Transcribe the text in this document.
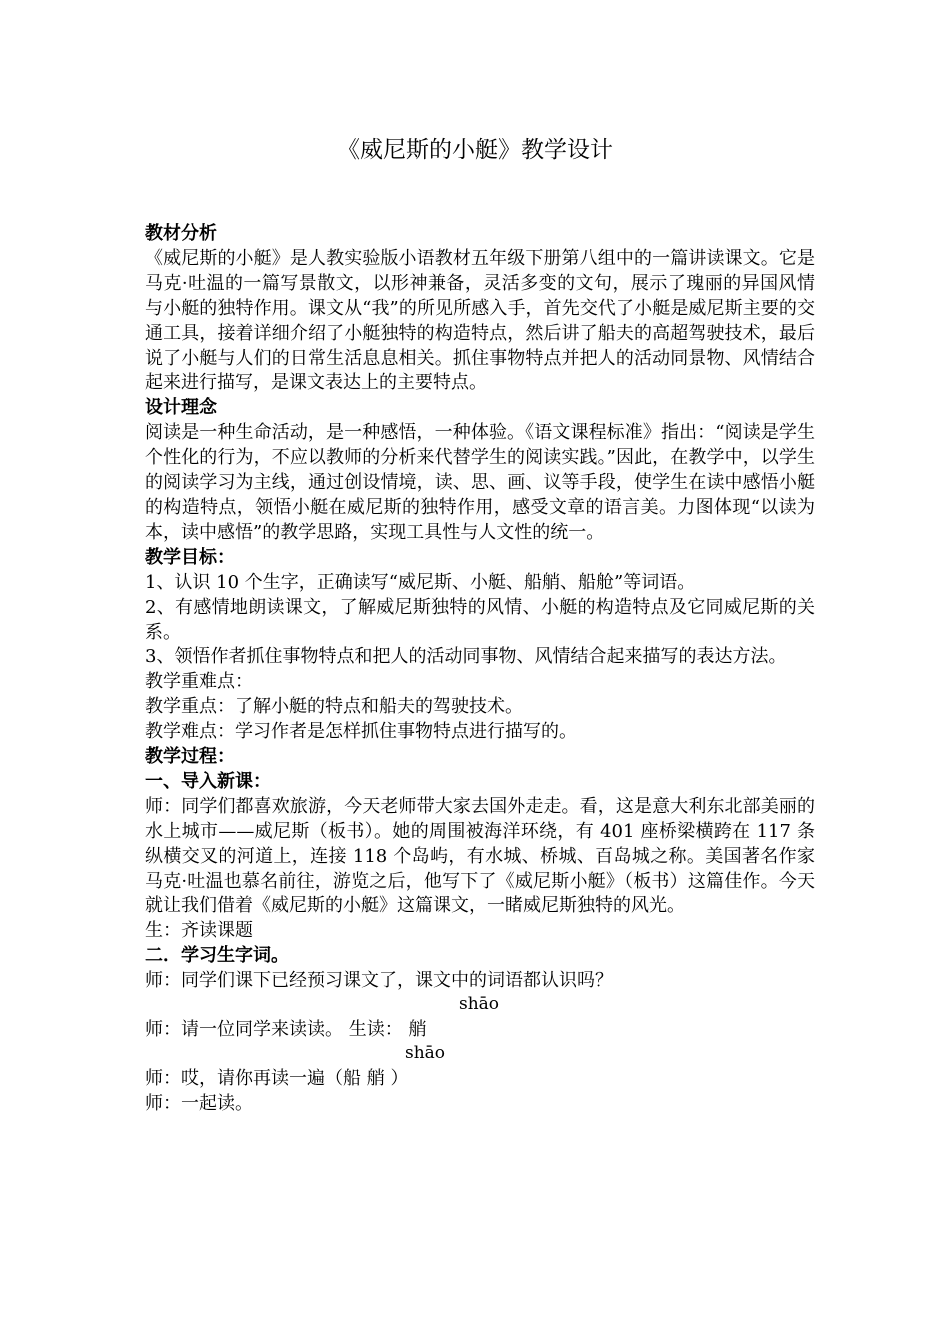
《威尼斯的小艇》教学设计

教材分析

《威尼斯的小艇》是人教实验版小语教材五年级下册第八组中的一篇讲读课文。它是马克·吐温的一篇写景散文，以形神兼备，灵活多变的文句，展示了瑰丽的异国风情与小艇的独特作用。课文从“我”的所见所感入手，首先交代了小艇是威尼斯主要的交通工具，接着详细介绍了小艇独特的构造特点，然后讲了船夫的高超驾驶技术，最后说了小艇与人们的日常生活息息相关。抓住事物特点并把人的活动同景物、风情结合起来进行描写，是课文表达上的主要特点。

设计理念

阅读是一种生命活动，是一种感悟，一种体验。《语文课程标准》指出：“阅读是学生个性化的行为，不应以教师的分析来代替学生的阅读实践。”因此，在教学中，以学生的阅读学习为主线，通过创设情境，读、思、画、议等手段，使学生在读中感悟小艇的构造特点，领悟小艇在威尼斯的独特作用，感受文章的语言美。力图体现“以读为本，读中感悟”的教学思路，实现工具性与人文性的统一。

教学目标：

1、认识 10 个生字，正确读写“威尼斯、小艇、船艄、船舱”等词语。

2、有感情地朗读课文，了解威尼斯独特的风情、小艇的构造特点及它同威尼斯的关系。

3、领悟作者抓住事物特点和把人的活动同事物、风情结合起来描写的表达方法。

教学重难点：

教学重点：了解小艇的特点和船夫的驾驶技术。

教学难点：学习作者是怎样抓住事物特点进行描写的。

教学过程：

一、导入新课：

师：同学们都喜欢旅游，今天老师带大家去国外走走。看，这是意大利东北部美丽的水上城市——威尼斯（板书）。她的周围被海洋环绕，有 401 座桥梁横跨在 117 条纵横交叉的河道上，连接 118 个岛屿，有水城、桥城、百岛城之称。美国著名作家马克·吐温也慕名前往，游览之后，他写下了《威尼斯小艇》（板书）这篇佳作。今天就让我们借着《威尼斯的小艇》这篇课文，一睹威尼斯独特的风光。

生：齐读课题

二．学习生字词。

师：同学们课下已经预习课文了，课文中的词语都认识吗？

shāo
师：请一位同学来读读。 生读： 艄
shāo
师：哎，请你再读一遍（船 艄 ）

师：一起读。
